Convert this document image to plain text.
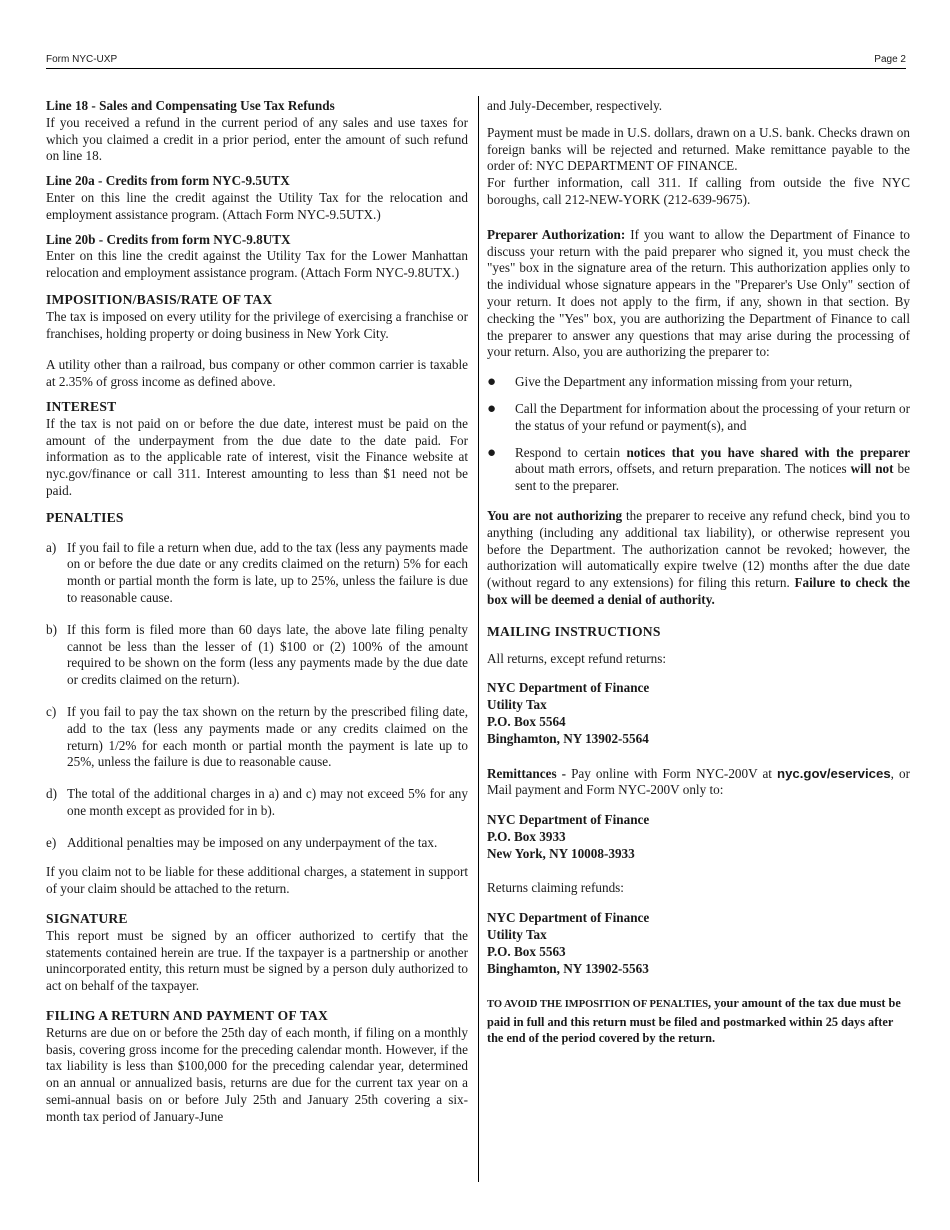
Form NYC-UXP	Page 2

Line 18 - Sales and Compensating Use Tax Refunds

If you received a refund in the current period of any sales and use taxes for which you claimed a credit in a prior period, enter the amount of such refund on line 18.

Line 20a - Credits from form NYC-9.5UTX

Enter on this line the credit against the Utility Tax for the relocation and employment assistance program. (Attach Form NYC-9.5UTX.)

Line 20b - Credits from form NYC-9.8UTX

Enter on this line the credit against the Utility Tax for the Lower Manhattan relocation and employment assistance program. (Attach Form NYC-9.8UTX.)

IMPOSITION/BASIS/RATE OF TAX

The tax is imposed on every utility for the privilege of exercising a franchise or franchises, holding property or doing business in New York City.

A utility other than a railroad, bus company or other common carrier is taxable at 2.35% of gross income as defined above.

INTEREST

If the tax is not paid on or before the due date, interest must be paid on the amount of the underpayment from the due date to the date paid. For information as to the applicable rate of interest, visit the Finance website at nyc.gov/finance or call 311. Interest amounting to less than $1 need not be paid.

PENALTIES

a) If you fail to file a return when due, add to the tax (less any payments made on or before the due date or any credits claimed on the return) 5% for each month or partial month the form is late, up to 25%, unless the failure is due to reasonable cause.

b) If this form is filed more than 60 days late, the above late filing penalty cannot be less than the lesser of (1) $100 or (2) 100% of the amount required to be shown on the form (less any payments made by the due date or credits claimed on the return).

c) If you fail to pay the tax shown on the return by the prescribed filing date, add to the tax (less any payments made or any credits claimed on the return) 1/2% for each month or partial month the payment is late up to 25%, unless the failure is due to reasonable cause.

d) The total of the additional charges in a) and c) may not exceed 5% for any one month except as provided for in b).

e) Additional penalties may be imposed on any underpayment of the tax.

If you claim not to be liable for these additional charges, a statement in support of your claim should be attached to the return.

SIGNATURE

This report must be signed by an officer authorized to certify that the statements contained herein are true. If the taxpayer is a partnership or another unincorporated entity, this return must be signed by a person duly authorized to act on behalf of the taxpayer.

FILING A RETURN AND PAYMENT OF TAX

Returns are due on or before the 25th day of each month, if filing on a monthly basis, covering gross income for the preceding calendar month. However, if the tax liability is less than $100,000 for the preceding calendar year, determined on an annual or annualized basis, returns are due for the current tax year on a semi-annual basis on or before July 25th and January 25th covering a six-month tax period of January-June

and July-December, respectively.

Payment must be made in U.S. dollars, drawn on a U.S. bank. Checks drawn on foreign banks will be rejected and returned. Make remittance payable to the order of: NYC DEPARTMENT OF FINANCE.

For further information, call 311. If calling from outside the five NYC boroughs, call 212-NEW-YORK (212-639-9675).

Preparer Authorization: If you want to allow the Department of Finance to discuss your return with the paid preparer who signed it, you must check the "yes" box in the signature area of the return. This authorization applies only to the individual whose signature appears in the "Preparer's Use Only" section of your return. It does not apply to the firm, if any, shown in that section. By checking the "Yes" box, you are authorizing the Department of Finance to call the preparer to answer any questions that may arise during the processing of your return. Also, you are authorizing the preparer to:

● Give the Department any information missing from your return,

● Call the Department for information about the processing of your return or the status of your refund or payment(s), and

● Respond to certain notices that you have shared with the preparer about math errors, offsets, and return preparation. The notices will not be sent to the preparer.

You are not authorizing the preparer to receive any refund check, bind you to anything (including any additional tax liability), or otherwise represent you before the Department. The authorization cannot be revoked; however, the authorization will automatically expire twelve (12) months after the due date (without regard to any extensions) for filing this return. Failure to check the box will be deemed a denial of authority.

MAILING INSTRUCTIONS

All returns, except refund returns:

NYC Department of Finance
Utility Tax
P.O. Box 5564
Binghamton, NY 13902-5564

Remittances - Pay online with Form NYC-200V at nyc.gov/eservices, or Mail payment and Form NYC-200V only to:

NYC Department of Finance
P.O. Box 3933
New York, NY 10008-3933

Returns claiming refunds:

NYC Department of Finance
Utility Tax
P.O. Box 5563
Binghamton, NY 13902-5563

TO AVOID THE IMPOSITION OF PENALTIES, your amount of the tax due must be paid in full and this return must be filed and postmarked within 25 days after the end of the period covered by the return.
